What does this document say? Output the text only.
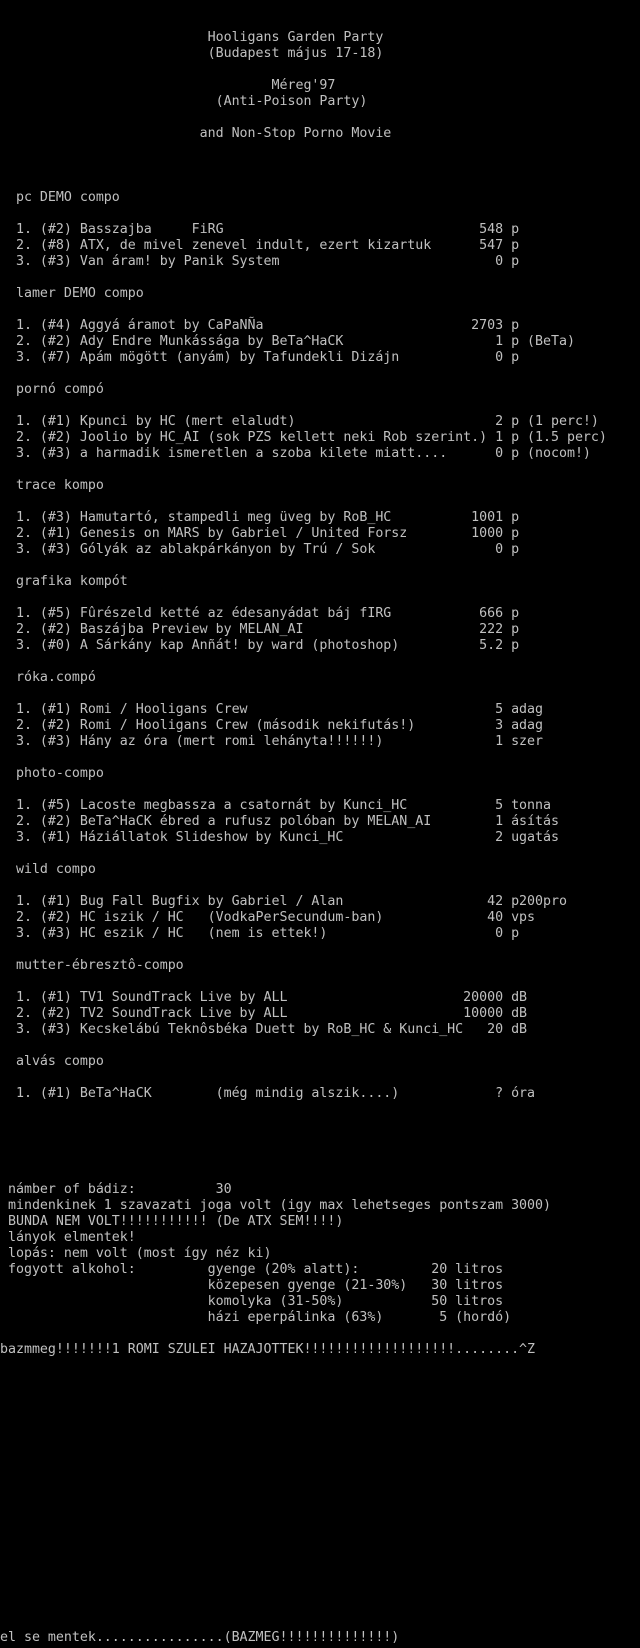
Hooligans Garden Party
(Budapest május 17-18)
Méreg'97
(Anti-Poison Party)
and Non-Stop Porno Movie
pc DEMO compo
1. (#2) Basszajba     FiRG                                548 p
2. (#8) ATX, de mivel zenevel indult, ezert kizartuk      547 p
3. (#3) Van áram! by Panik System                           0 p
lamer DEMO compo
1. (#4) Aggyá áramot by CaPaNÑa                          2703 p
2. (#2) Ady Endre Munkássága by BeTa^HaCK                   1 p (BeTa)
3. (#7) Apám mögött (anyám) by Tafundekli Dizájn            0 p
pornó compó
1. (#1) Kpunci by HC (mert elaludt)                         2 p (1 perc!)
2. (#2) Joolio by HC_AI (sok PZS kellett neki Rob szerint.) 1 p (1.5 perc)
3. (#3) a harmadik ismeretlen a szoba kilete miatt....      0 p (nocom!)
trace kompo
1. (#3) Hamutartó, stampedli meg üveg by RoB_HC          1001 p
2. (#1) Genesis on MARS by Gabriel / United Forsz        1000 p
3. (#3) Gólyák az ablakpárkányon by Trú / Sok               0 p
grafika kompót
1. (#5) Fûrészeld ketté az édesanyádat báj fIRG           666 p
2. (#2) Baszájba Preview by MELAN_AI                      222 p
3. (#0) A Sárkány kap Anñát! by ward (photoshop)          5.2 p
róka.compó
1. (#1) Romi / Hooligans Crew                               5 adag
2. (#2) Romi / Hooligans Crew (második nekifutás!)          3 adag
3. (#3) Hány az óra (mert romi lehányta!!!!!!)              1 szer
photo-compo
1. (#5) Lacoste megbassza a csatornát by Kunci_HC           5 tonna
2. (#2) BeTa^HaCK ébred a rufusz polóban by MELAN_AI        1 ásítás
3. (#1) Háziállatok Slideshow by Kunci_HC                   2 ugatás
wild compo
1. (#1) Bug Fall Bugfix by Gabriel / Alan                  42 p200pro
2. (#2) HC iszik / HC   (VodkaPerSecundum-ban)             40 vps
3. (#3) HC eszik / HC   (nem is ettek!)                     0 p
mutter-ébresztô-compo
1. (#1) TV1 SoundTrack Live by ALL                      20000 dB
2. (#2) TV2 SoundTrack Live by ALL                      10000 dB
3. (#3) Kecskelábú Teknôsbéka Duett by RoB_HC & Kunci_HC   20 dB
alvás compo
1. (#1) BeTa^HaCK        (még mindig alszik....)            ? óra
námber of bádiz:          30
mindenkinek 1 szavazati joga volt (igy max lehetseges pontszam 3000)
BUNDA NEM VOLT!!!!!!!!!!! (De ATX SEM!!!!)
lányok elmentek!
lopás: nem volt (most így néz ki)
fogyott alkohol:         gyenge (20% alatt):         20 litros
közepesen gyenge (21-30%)   30 litros
komolyka (31-50%)           50 litros
házi eperpálinka (63%)       5 (hordó)
bazmmeg!!!!!!!1 ROMI SZULEI HAZAJOTTEK!!!!!!!!!!!!!!!!!!!........^Z
el se mentek................(BAZMEG!!!!!!!!!!!!!!)
